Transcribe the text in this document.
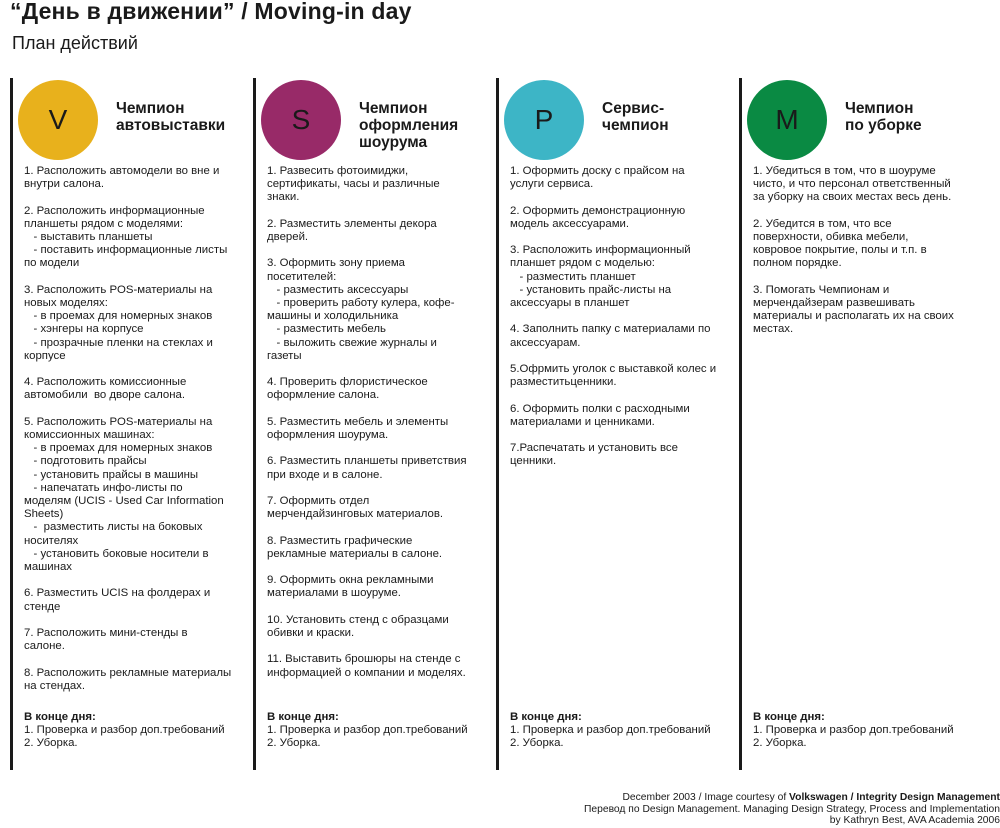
“День в движении” / Moving-in day
План действий
V	Чемпион
автовыставки
1. Расположить автомодели во вне и
внутри салона.
2. Расположить информационные
планшеты рядом с моделями:
- выставить планшеты
- поставить информационные листы
по модели
3. Расположить POS-материалы на
новых моделях:
- в проемах для номерных знаков
- хэнгеры на корпусе
- прозрачные пленки на стеклах и
корпусе
4. Расположить комиссионные
автомобили  во дворе салона.
5. Расположить POS-материалы на
комиссионных машинах:
- в проемах для номерных знаков
- подготовить прайсы
- установить прайсы в машины
- напечатать инфо-листы по
моделям (UCIS - Used Car Information
Sheets)
-  разместить листы на боковых
носителях
- установить боковые носители в
машинах
6. Разместить UCIS на фолдерах и
стенде
7. Расположить мини-стенды в
салоне.
8. Расположить рекламные материалы
на стендах.
В конце дня:
1. Проверка и разбор доп.требований
2. Уборка.
S	Чемпион
оформления
шоурума
1. Развесить фотоимиджи,
сертификаты, часы и различные
знаки.
2. Разместить элементы декора
дверей.
3. Оформить зону приема
посетителей:
- разместить аксессуары
- проверить работу кулера, кофе-
машины и холодильника
- разместить мебель
- выложить свежие журналы и
газеты
4. Проверить флористическое
оформление салона.
5. Разместить мебель и элементы
оформления шоурума.
6. Разместить планшеты приветствия
при входе и в салоне.
7. Оформить отдел
мерчендайзинговых материалов.
8. Разместить графические
рекламные материалы в салоне.
9. Оформить окна рекламными
материалами в шоуруме.
10. Установить стенд с образцами
обивки и краски.
11. Выставить брошюры на стенде с
информацией о компании и моделях.
В конце дня:
1. Проверка и разбор доп.требований
2. Уборка.
P	Сервис-
чемпион
1. Оформить доску с прайсом на
услуги сервиса.
2. Оформить демонстрационную
модель аксессуарами.
3. Расположить информационный
планшет рядом с моделью:
- разместить планшет
- установить прайс-листы на
аксессуары в планшет
4. Заполнить папку с материалами по
аксессуарам.
5.Офрмить уголок с выставкой колес и
разместитьценники.
6. Оформить полки с расходными
материалами и ценниками.
7.Распечатать и установить все
ценники.
В конце дня:
1. Проверка и разбор доп.требований
2. Уборка.
M	Чемпион
по уборке
1. Убедиться в том, что в шоуруме
чисто, и что персонал ответственный
за уборку на своих местах весь день.
2. Убедится в том, что все
поверхности, обивка мебели,
ковровое покрытие, полы и т.п. в
полном порядке.
3. Помогать Чемпионам и
мерчендайзерам развешивать
материалы и располагать их на своих
местах.
В конце дня:
1. Проверка и разбор доп.требований
2. Уборка.
December 2003 / Image courtesy of Volkswagen / Integrity Design Management
Перевод по Design Management. Managing Design Strategy, Process and Implementation
by Kathryn Best, AVA Academia 2006
